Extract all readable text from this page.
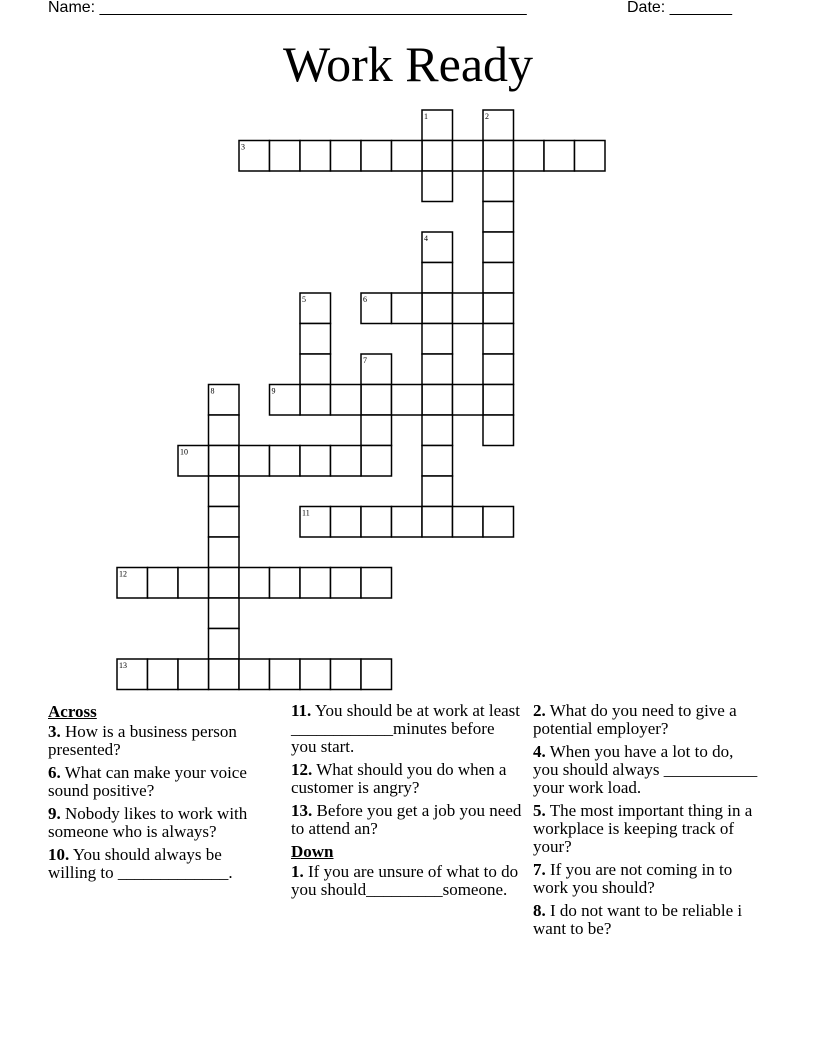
Name: ________________________________________________	Date: _______
Work Ready
1	2
3
4
5	6
7
8	9
10
11
12
13
Across
3. How is a business person presented?
6. What can make your voice sound positive?
9. Nobody likes to work with someone who is always?
10. You should always be willing to _____________.
11. You should be at work at least ____________minutes before you start.
12. What should you do when a customer is angry?
13. Before you get a job you need to attend an?
Down
1. If you are unsure of what to do you should_________someone.
2. What do you need to give a potential employer?
4. When you have a lot to do, you should always ___________ your work load.
5. The most important thing in a workplace is keeping track of your?
7. If you are not coming in to work you should?
8. I do not want to be reliable i want to be?
